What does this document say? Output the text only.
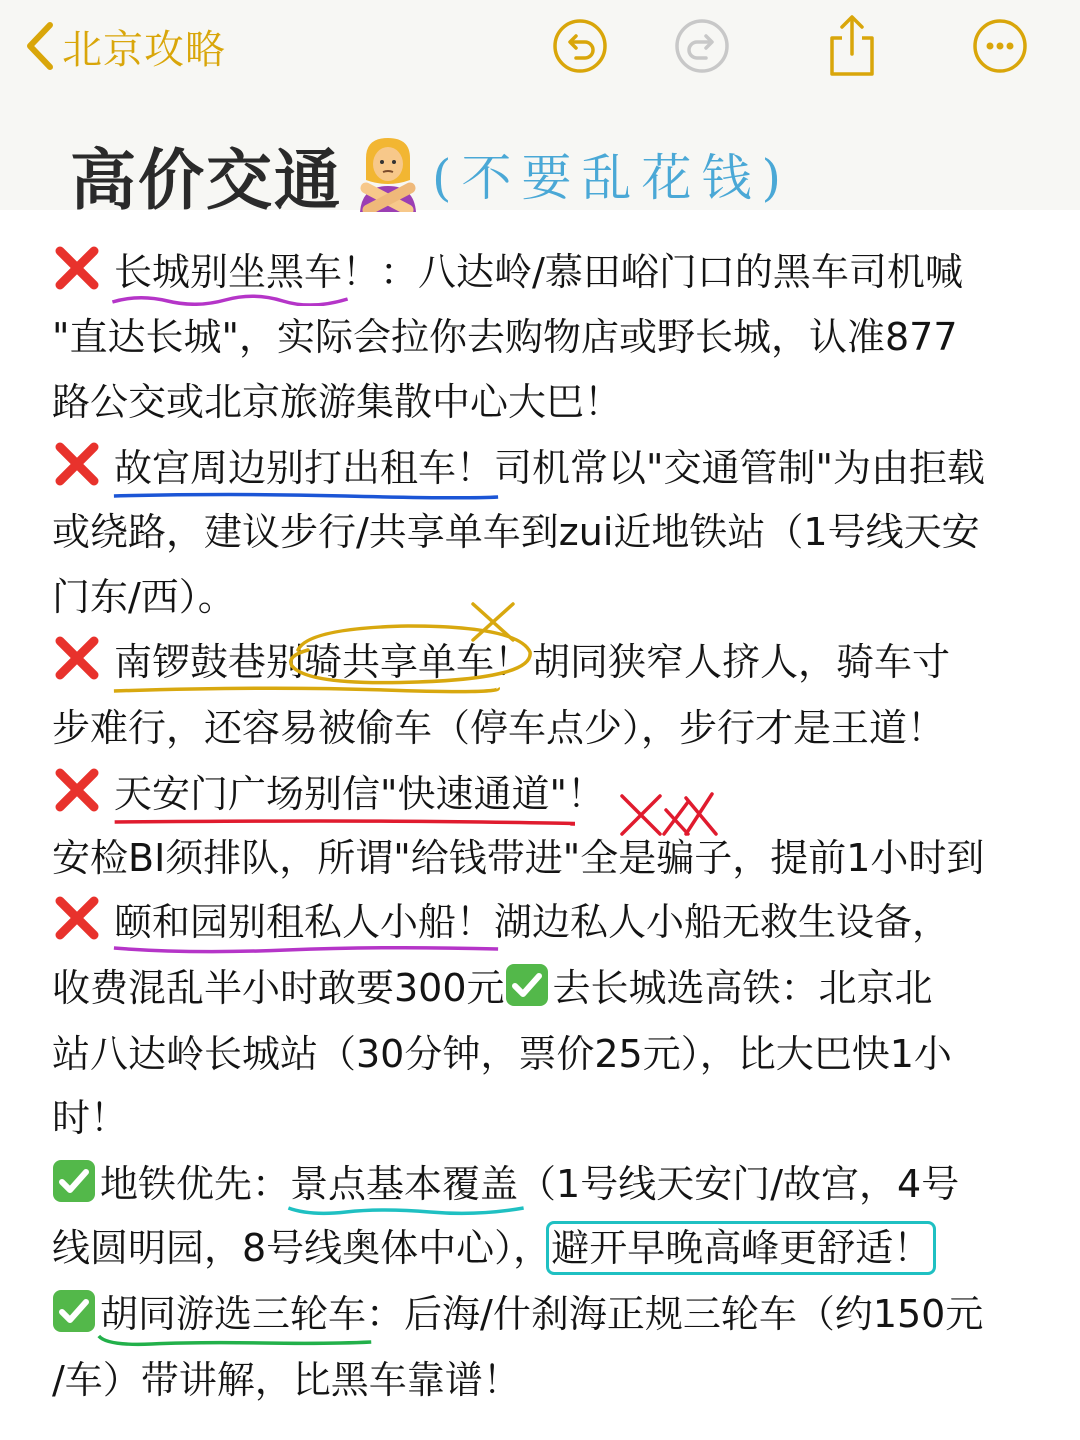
北京攻略
高价交通 (不要乱花钱)
长城别坐黑车
！：八达岭/慕田峪门口的黑车司机喊
"直达长城"，实际会拉你去购物店或野长城，认准877
路公交或北京旅游集散中心大巴！
故宫周边别打出租车！
司机常以"交通管制"为由拒载
或绕路，建议步行/共享单车到zui近地铁站（1号线天安
门东/西）。
南锣鼓巷别骑共享单车
！胡同狭窄人挤人，骑车寸
步难行，还容易被偷车（停车点少），步行才是王道！
天安门广场别信"快速通道"
！
安检BI须排队，所谓"给钱带进"全是骗子，提前1小时到
颐和园别租私人小船！
湖边私人小船无救生设备，
收费混乱半小时敢要300元 去长城选高铁：北京北
站八达岭长城站（30分钟，票价25元），比大巴快1小
时！
地铁优先：景点基本覆盖
（1号线天安门/故宫，4号
线圆明园，8号线奥体中心），避开早晚高峰更舒适！
胡同游选三轮车
：后海/什刹海正规三轮车（约150元
/车）带讲解，比黑车靠谱！
